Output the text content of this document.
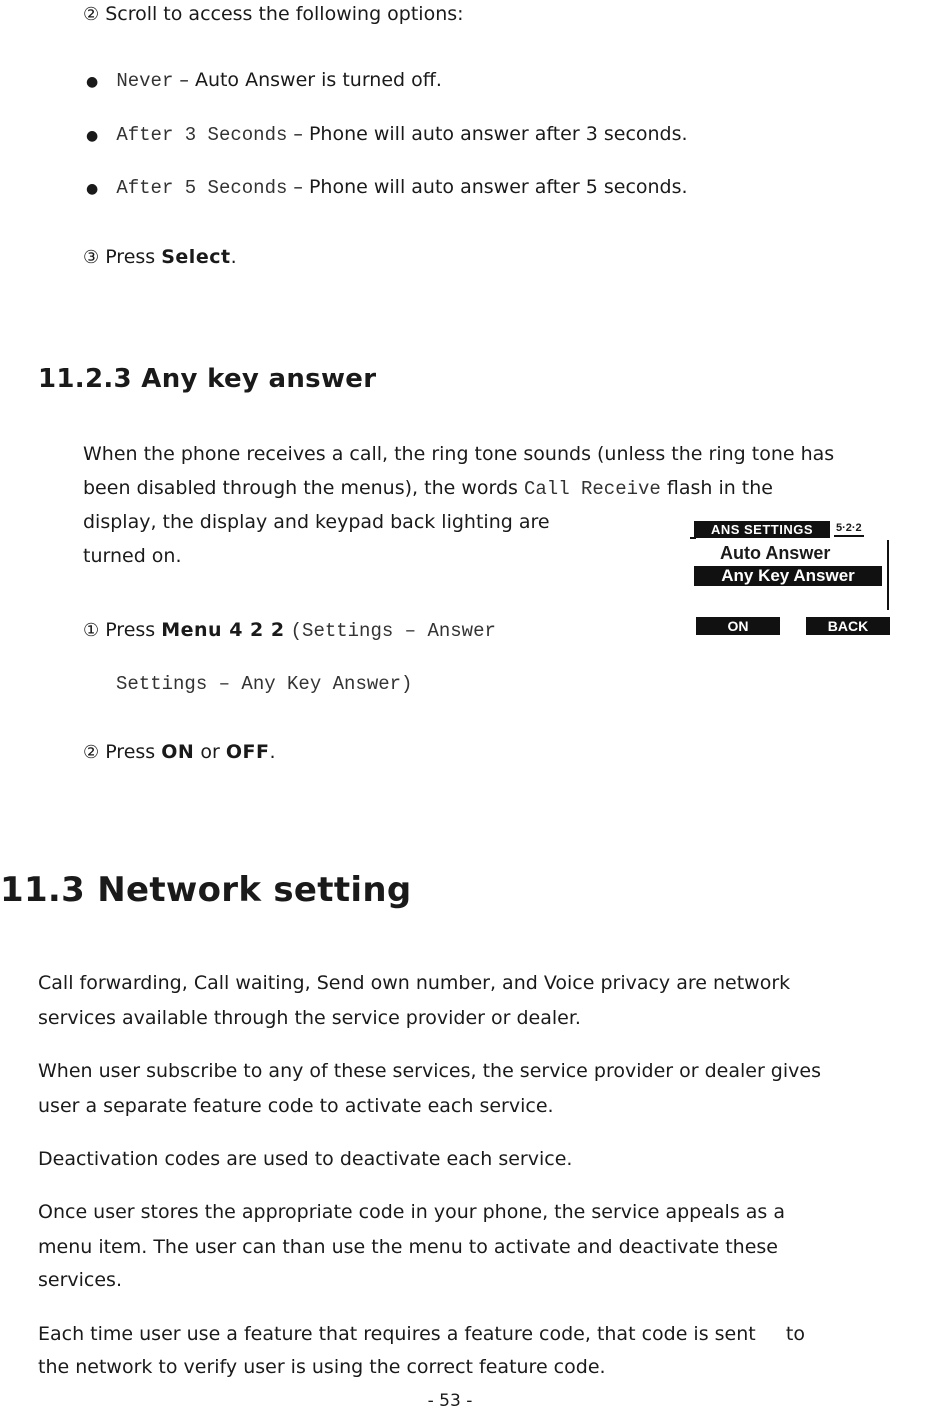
② Scroll to access the following options:
● Never – Auto Answer is turned off.
● After 3 Seconds – Phone will auto answer after 3 seconds.
● After 5 Seconds – Phone will auto answer after 5 seconds.
③ Press Select.
11.2.3 Any key answer
When the phone receives a call, the ring tone sounds (unless the ring tone has
been disabled through the menus), the words Call Receive flash in the
display, the display and keypad back lighting are
turned on.
ANS SETTINGS	5·2·2
Auto Answer
Any Key Answer
ON	BACK
① Press Menu 4 2 2 (Settings – Answer
Settings – Any Key Answer)
② Press ON or OFF.
11.3 Network setting
Call forwarding, Call waiting, Send own number, and Voice privacy are network
services available through the service provider or dealer.
When user subscribe to any of these services, the service provider or dealer gives
user a separate feature code to activate each service.
Deactivation codes are used to deactivate each service.
Once user stores the appropriate code in your phone, the service appeals as a
menu item. The user can than use the menu to activate and deactivate these
services.
Each time user use a feature that requires a feature code, that code is sent     to
the network to verify user is using the correct feature code.
- 53 -
